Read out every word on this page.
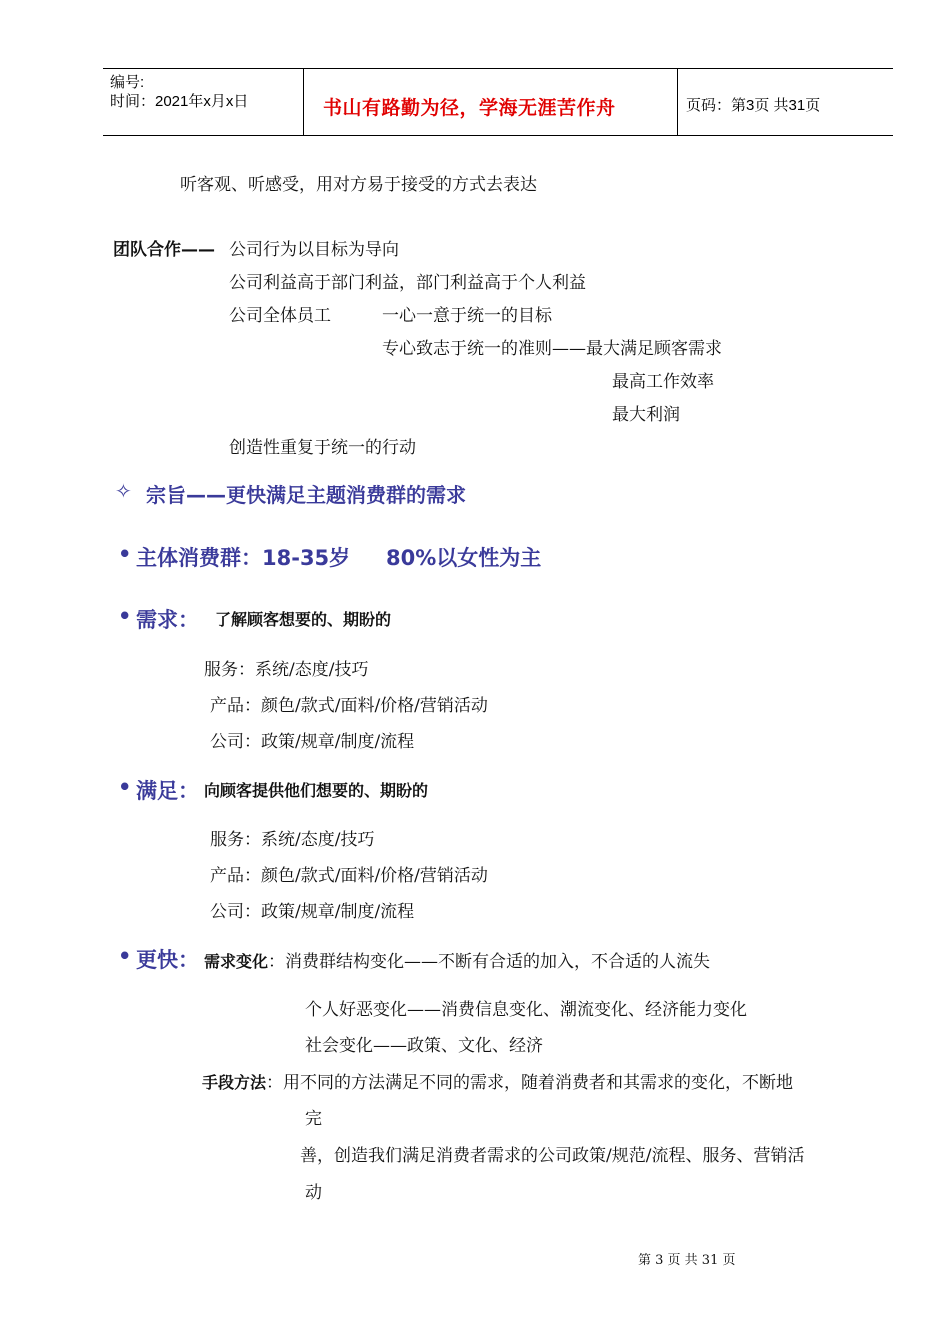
编号:
时间：2021年x月x日	书山有路勤为径，学海无涯苦作舟	页码：第3页 共31页
听客观、听感受，用对方易于接受的方式去表达
团队合作—— 公司行为以目标为导向
公司利益高于部门利益，部门利益高于个人利益
公司全体员工	一心一意于统一的目标
专心致志于统一的准则——最大满足顾客需求
最高工作效率
最大利润
创造性重复于统一的行动
✧ 宗旨——更快满足主题消费群的需求
• 主体消费群：18-35岁 80%以女性为主
• 需求： 了解顾客想要的、期盼的
服务：系统/态度/技巧
产品：颜色/款式/面料/价格/营销活动
公司：政策/规章/制度/流程
• 满足： 向顾客提供他们想要的、期盼的
服务：系统/态度/技巧
产品：颜色/款式/面料/价格/营销活动
公司：政策/规章/制度/流程
• 更快： 需求变化：消费群结构变化——不断有合适的加入，不合适的人流失
个人好恶变化——消费信息变化、潮流变化、经济能力变化
社会变化——政策、文化、经济
手段方法：用不同的方法满足不同的需求，随着消费者和其需求的变化，不断地
完
善，创造我们满足消费者需求的公司政策/规范/流程、服务、营销活
动
第 3 页 共 31 页
